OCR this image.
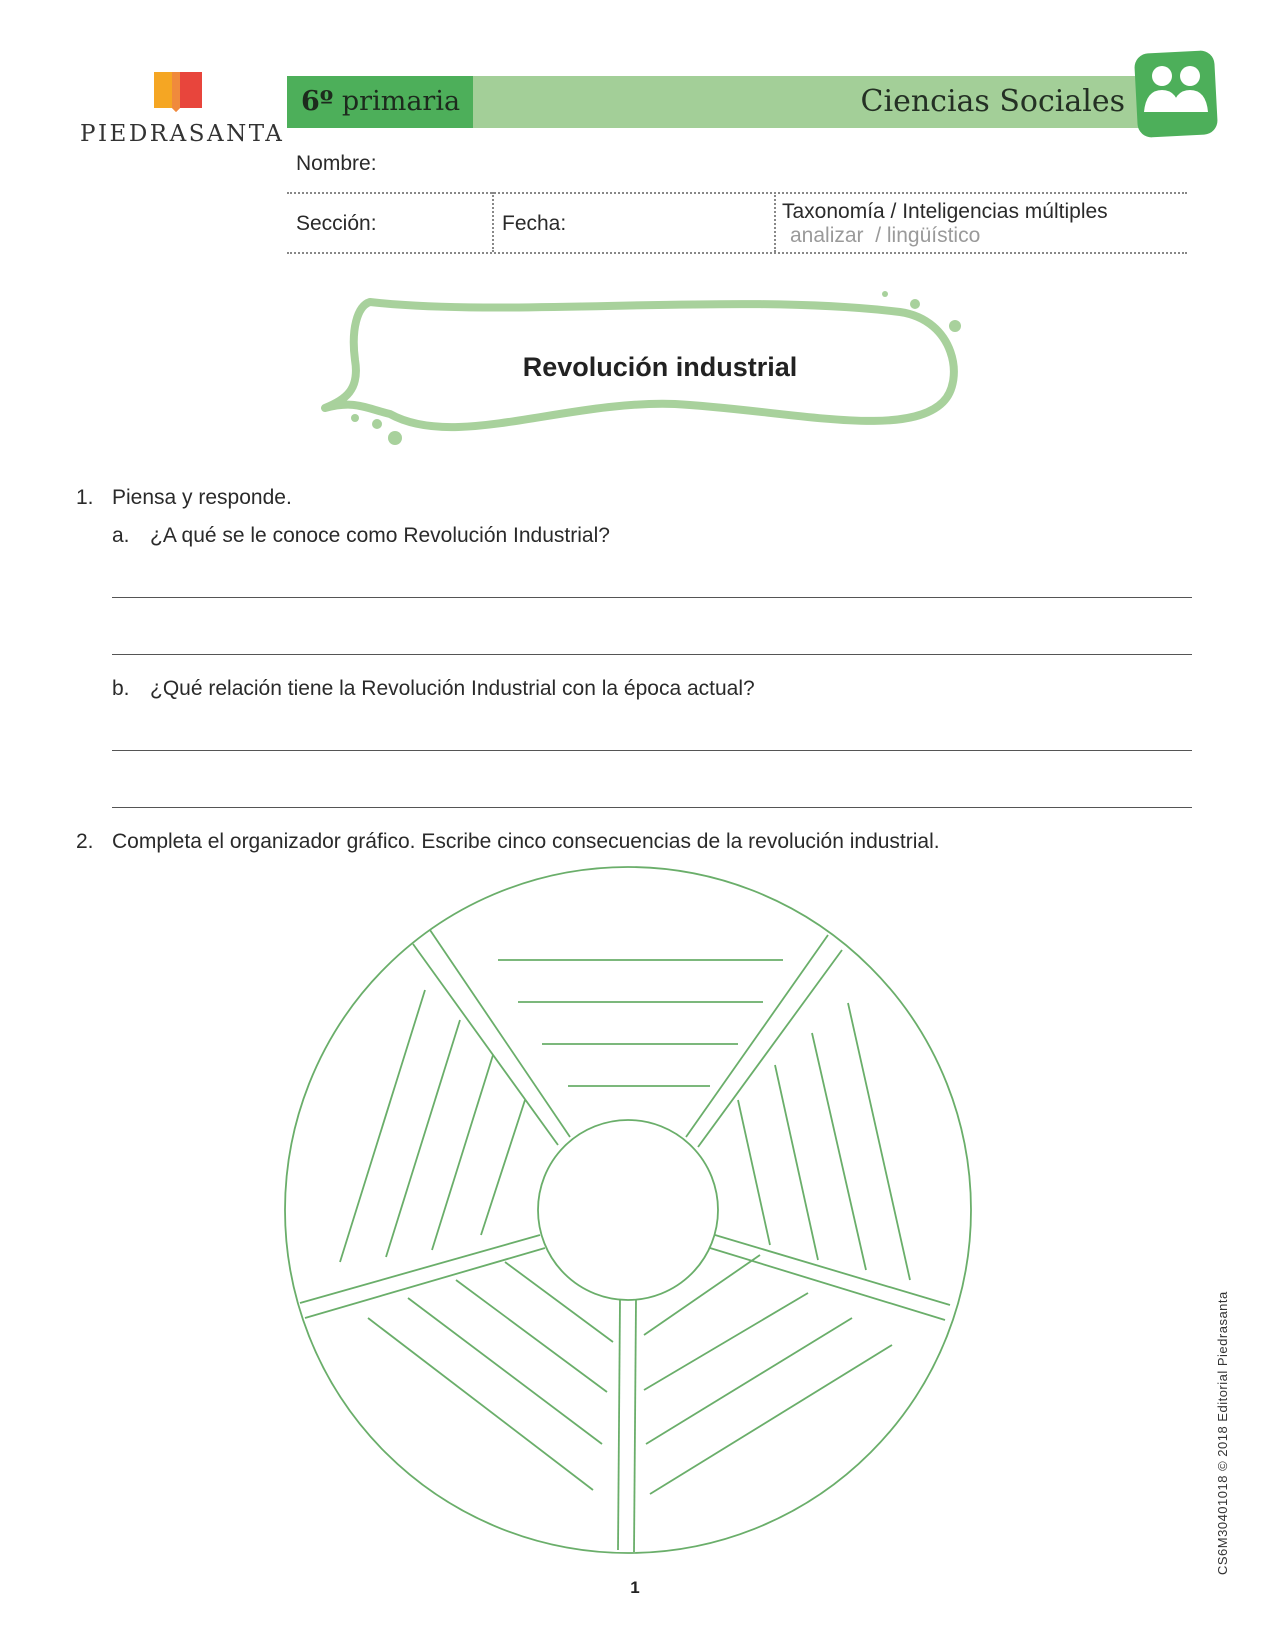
PIEDRASANTA
6º primaria	Ciencias Sociales
Nombre:
Sección:	Fecha:
Taxonomía / Inteligencias múltiples
analizar  / lingüístico
Revolución industrial
1. Piensa y responde.
a. ¿A qué se le conoce como Revolución Industrial?
b. ¿Qué relación tiene la Revolución Industrial con la época actual?
2. Completa el organizador gráfico. Escribe cinco consecuencias de la revolución industrial.
1
CS6M30401018 © 2018 Editorial Piedrasanta
